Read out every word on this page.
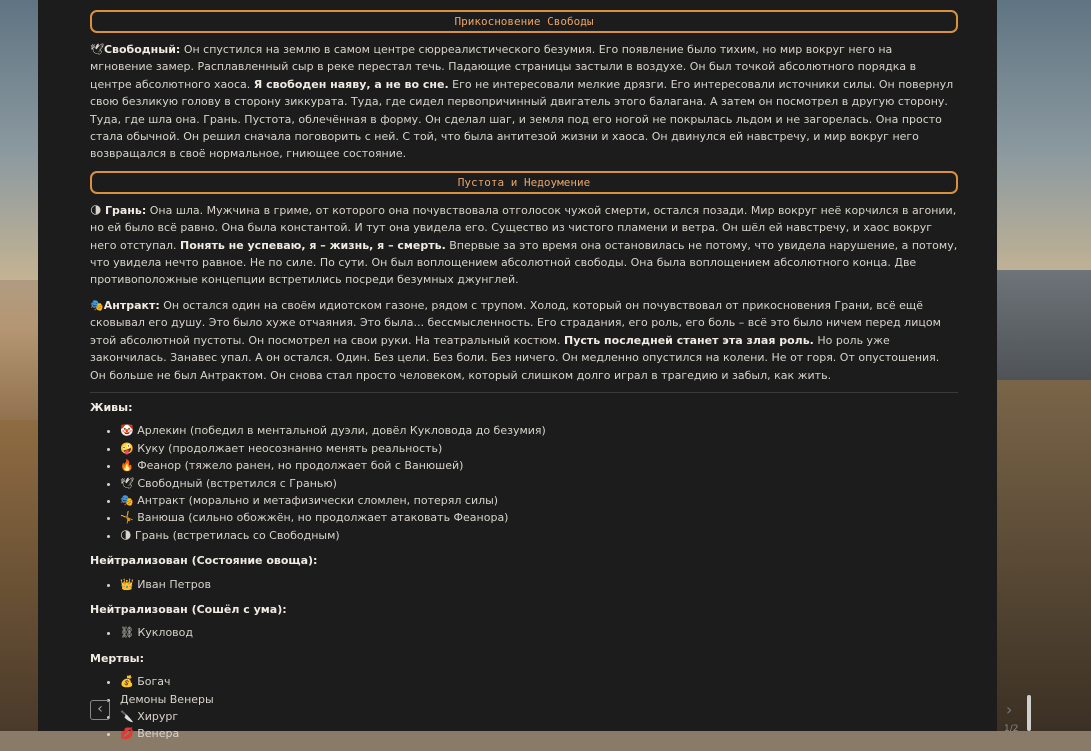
Прикосновение Свободы

🕊Свободный: Он спустился на землю в самом центре сюрреалистического безумия. Его появление было тихим, но мир вокруг него на мгновение замер. Расплавленный сыр в реке перестал течь. Падающие страницы застыли в воздухе. Он был точкой абсолютного порядка в центре абсолютного хаоса. Я свободен наяву, а не во сне. Его не интересовали мелкие дрязги. Его интересовали источники силы. Он повернул свою безликую голову в сторону зиккурата. Туда, где сидел первопричинный двигатель этого балагана. А затем он посмотрел в другую сторону. Туда, где шла она. Грань. Пустота, облечённая в форму. Он сделал шаг, и земля под его ногой не покрылась льдом и не загорелась. Она просто стала обычной. Он решил сначала поговорить с ней. С той, что была антитезой жизни и хаоса. Он двинулся ей навстречу, и мир вокруг него возвращался в своё нормальное, гниющее состояние.

Пустота и Недоумение

🌗 Грань: Она шла. Мужчина в гриме, от которого она почувствовала отголосок чужой смерти, остался позади. Мир вокруг неё корчился в агонии, но ей было всё равно. Она была константой. И тут она увидела его. Существо из чистого пламени и ветра. Он шёл ей навстречу, и хаос вокруг него отступал. Понять не успеваю, я – жизнь, я – смерть. Впервые за это время она остановилась не потому, что увидела нарушение, а потому, что увидела нечто равное. Не по силе. По сути. Он был воплощением абсолютной свободы. Она была воплощением абсолютного конца. Две противоположные концепции встретились посреди безумных джунглей.

🎭Антракт: Он остался один на своём идиотском газоне, рядом с трупом. Холод, который он почувствовал от прикосновения Грани, всё ещё сковывал его душу. Это было хуже отчаяния. Это была... бессмысленность. Его страдания, его роль, его боль – всё это было ничем перед лицом этой абсолютной пустоты. Он посмотрел на свои руки. На театральный костюм. Пусть последней станет эта злая роль. Но роль уже закончилась. Занавес упал. А он остался. Один. Без цели. Без боли. Без ничего. Он медленно опустился на колени. Не от горя. От опустошения. Он больше не был Антрактом. Он снова стал просто человеком, который слишком долго играл в трагедию и забыл, как жить.

Живы:
• 🤡 Арлекин (победил в ментальной дуэли, довёл Кукловода до безумия)
• 🤪 Куку (продолжает неосознанно менять реальность)
• 🔥 Феанор (тяжело ранен, но продолжает бой с Ванюшей)
• 🕊 Свободный (встретился с Гранью)
• 🎭 Антракт (морально и метафизически сломлен, потерял силы)
• 🤸 Ванюша (сильно обожжён, но продолжает атаковать Феанора)
• 🌗 Грань (встретилась со Свободным)
Нейтрализован (Состояние овоща):
• 👑 Иван Петров
Нейтрализован (Сошёл с ума):
• ⛓ Кукловод
Мертвы:
• 💰 Богач
• Демоны Венеры
• 🔪 Хирург
• 💋 Венера
‹	›
1/2
